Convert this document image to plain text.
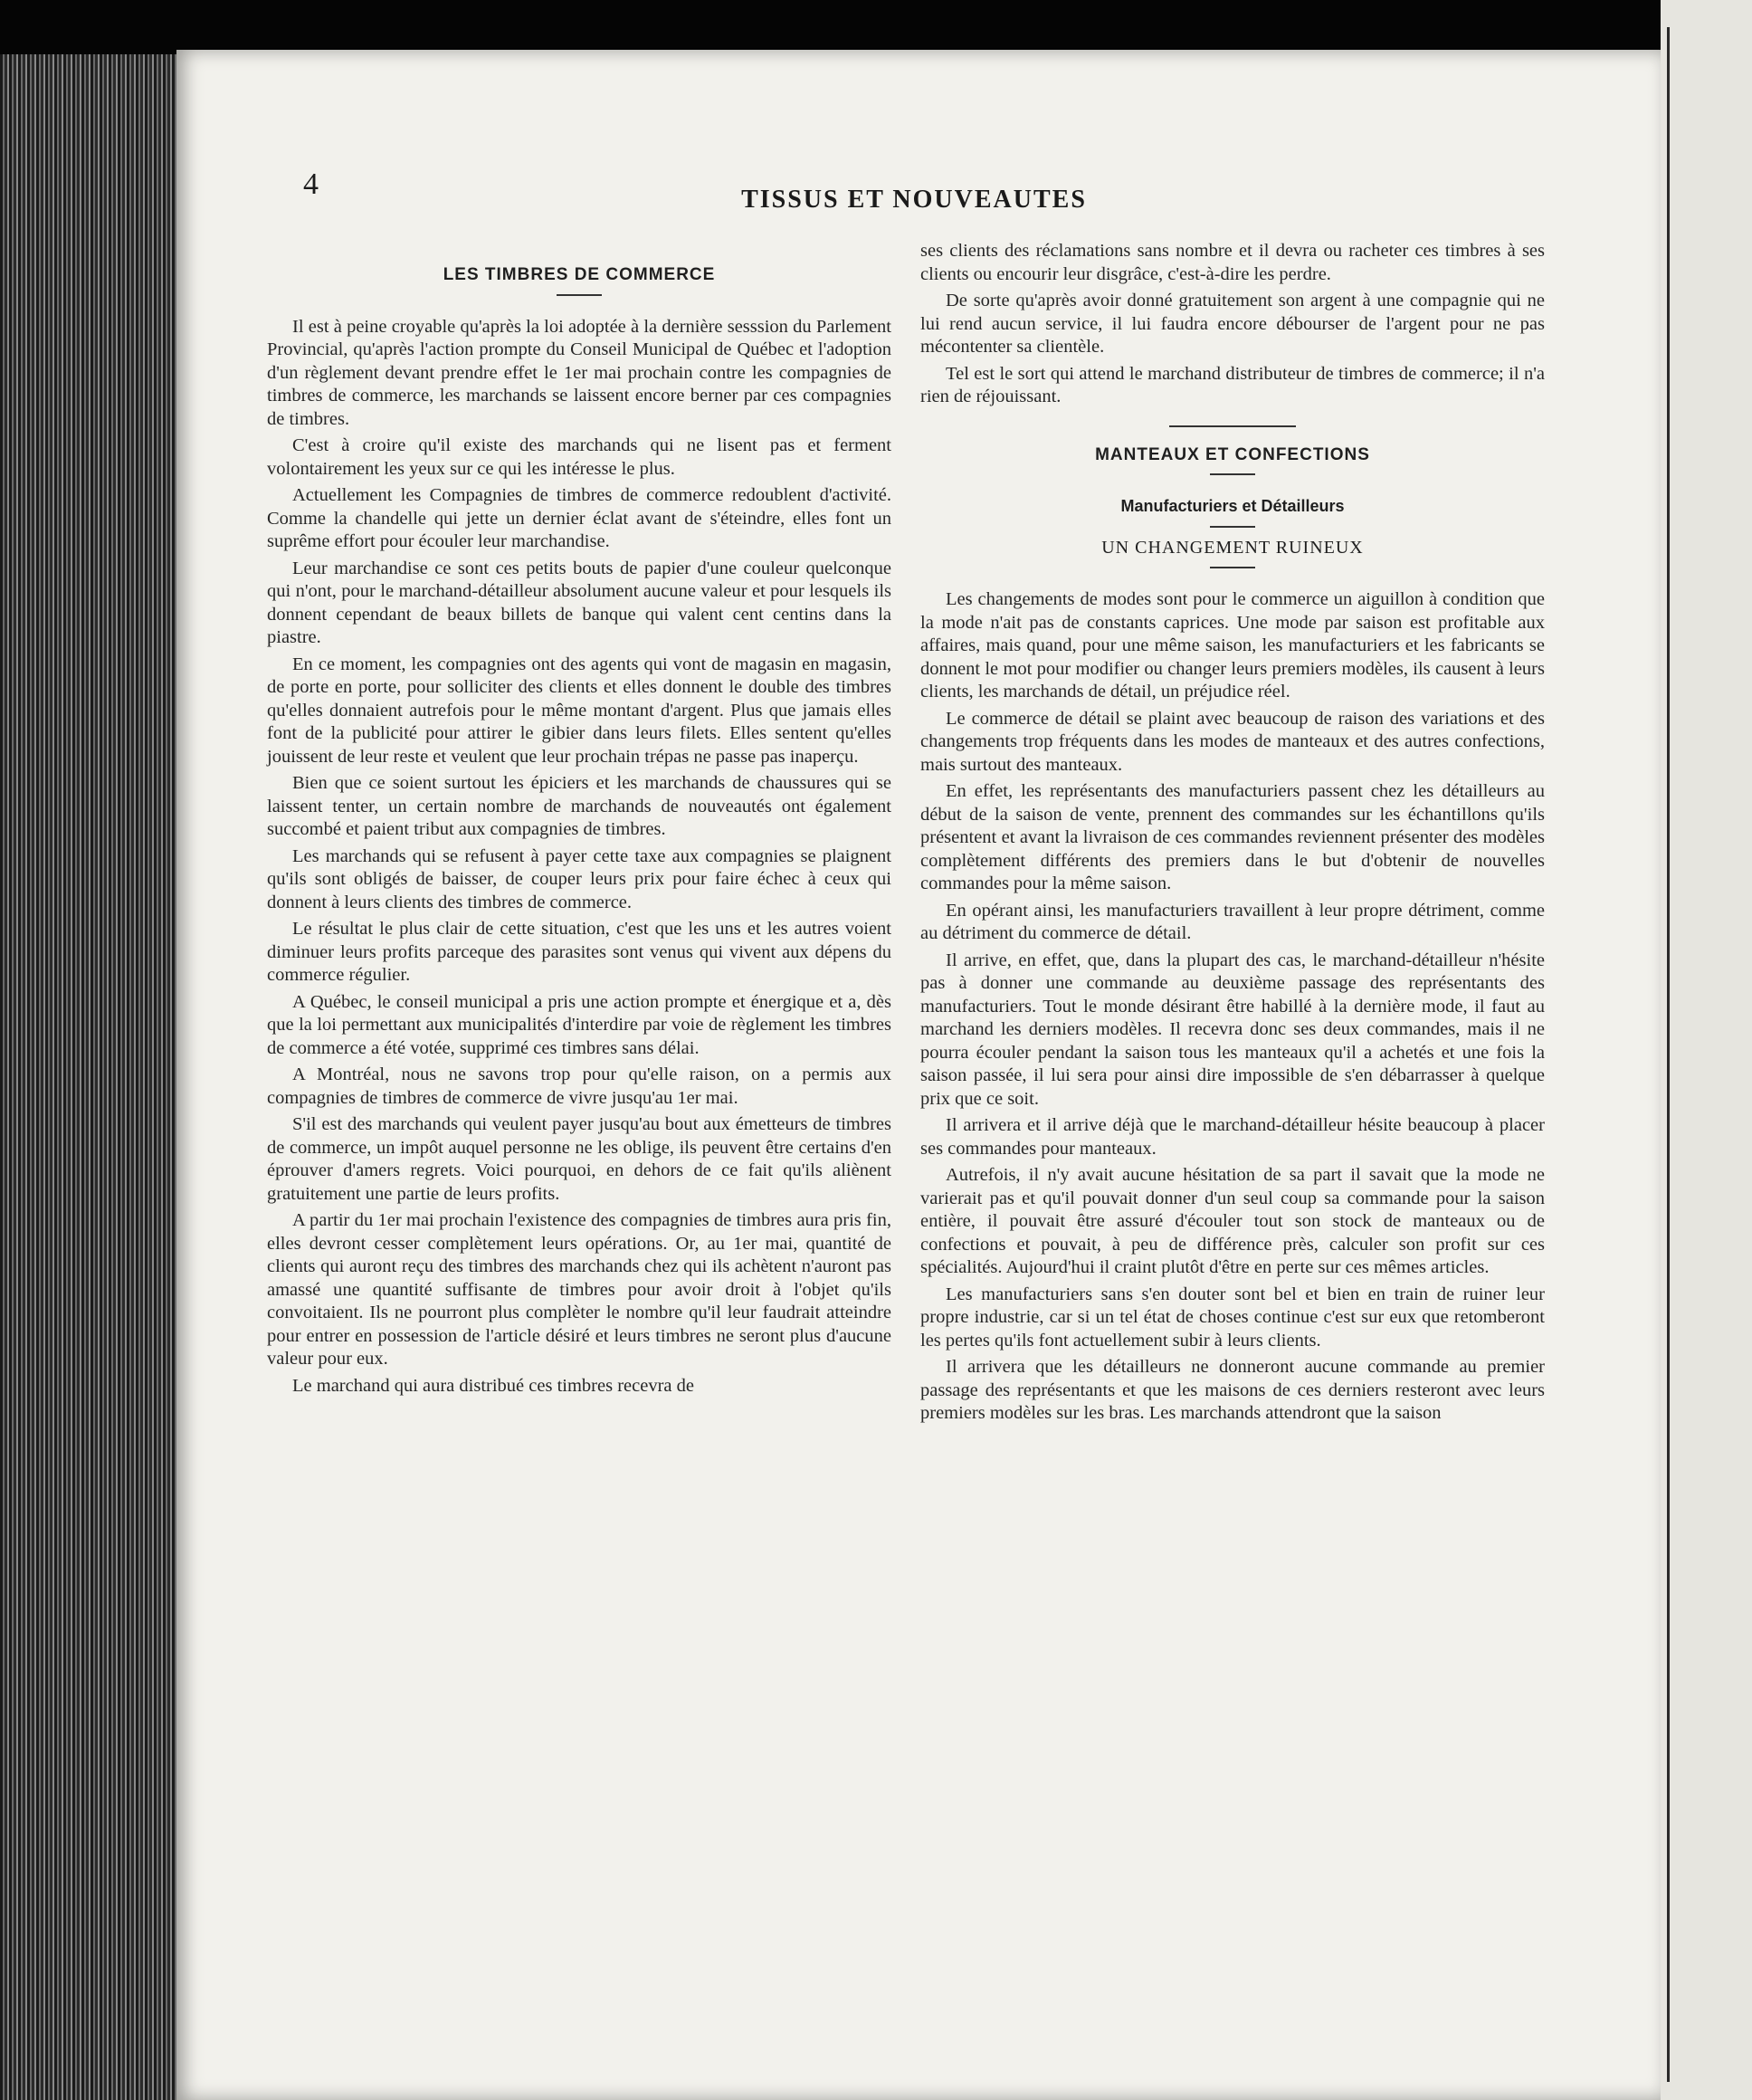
4	TISSUS ET NOUVEAUTES
LES TIMBRES DE COMMERCE

Il est à peine croyable qu'après la loi adoptée à la dernière sesssion du Parlement Provincial, qu'après l'action prompte du Conseil Municipal de Québec et l'adoption d'un règlement devant prendre effet le 1er mai prochain contre les compagnies de timbres de commerce, les marchands se laissent encore berner par ces compagnies de timbres.

C'est à croire qu'il existe des marchands qui ne lisent pas et ferment volontairement les yeux sur ce qui les intéresse le plus.

Actuellement les Compagnies de timbres de commerce redoublent d'activité. Comme la chandelle qui jette un dernier éclat avant de s'éteindre, elles font un suprême effort pour écouler leur marchandise.

Leur marchandise ce sont ces petits bouts de papier d'une couleur quelconque qui n'ont, pour le marchand-détailleur absolument aucune valeur et pour lesquels ils donnent cependant de beaux billets de banque qui valent cent centins dans la piastre.

En ce moment, les compagnies ont des agents qui vont de magasin en magasin, de porte en porte, pour solliciter des clients et elles donnent le double des timbres qu'elles donnaient autrefois pour le même montant d'argent. Plus que jamais elles font de la publicité pour attirer le gibier dans leurs filets. Elles sentent qu'elles jouissent de leur reste et veulent que leur prochain trépas ne passe pas inaperçu.

Bien que ce soient surtout les épiciers et les marchands de chaussures qui se laissent tenter, un certain nombre de marchands de nouveautés ont également succombé et paient tribut aux compagnies de timbres.

Les marchands qui se refusent à payer cette taxe aux compagnies se plaignent qu'ils sont obligés de baisser, de couper leurs prix pour faire échec à ceux qui donnent à leurs clients des timbres de commerce.

Le résultat le plus clair de cette situation, c'est que les uns et les autres voient diminuer leurs profits parceque des parasites sont venus qui vivent aux dépens du commerce régulier.

A Québec, le conseil municipal a pris une action prompte et énergique et a, dès que la loi permettant aux municipalités d'interdire par voie de règlement les timbres de commerce a été votée, supprimé ces timbres sans délai.

A Montréal, nous ne savons trop pour qu'elle raison, on a permis aux compagnies de timbres de commerce de vivre jusqu'au 1er mai.

S'il est des marchands qui veulent payer jusqu'au bout aux émetteurs de timbres de commerce, un impôt auquel personne ne les oblige, ils peuvent être certains d'en éprouver d'amers regrets. Voici pourquoi, en dehors de ce fait qu'ils aliènent gratuitement une partie de leurs profits.

A partir du 1er mai prochain l'existence des compagnies de timbres aura pris fin, elles devront cesser complètement leurs opérations. Or, au 1er mai, quantité de clients qui auront reçu des timbres des marchands chez qui ils achètent n'auront pas amassé une quantité suffisante de timbres pour avoir droit à l'objet qu'ils convoitaient. Ils ne pourront plus complèter le nombre qu'il leur faudrait atteindre pour entrer en possession de l'article désiré et leurs timbres ne seront plus d'aucune valeur pour eux.

Le marchand qui aura distribué ces timbres recevra de

ses clients des réclamations sans nombre et il devra ou racheter ces timbres à ses clients ou encourir leur disgrâce, c'est-à-dire les perdre.

De sorte qu'après avoir donné gratuitement son argent à une compagnie qui ne lui rend aucun service, il lui faudra encore débourser de l'argent pour ne pas mécontenter sa clientèle.

Tel est le sort qui attend le marchand distributeur de timbres de commerce; il n'a rien de réjouissant.

MANTEAUX ET CONFECTIONS
Manufacturiers et Détailleurs
UN CHANGEMENT RUINEUX

Les changements de modes sont pour le commerce un aiguillon à condition que la mode n'ait pas de constants caprices. Une mode par saison est profitable aux affaires, mais quand, pour une même saison, les manufacturiers et les fabricants se donnent le mot pour modifier ou changer leurs premiers modèles, ils causent à leurs clients, les marchands de détail, un préjudice réel.

Le commerce de détail se plaint avec beaucoup de raison des variations et des changements trop fréquents dans les modes de manteaux et des autres confections, mais surtout des manteaux.

En effet, les représentants des manufacturiers passent chez les détailleurs au début de la saison de vente, prennent des commandes sur les échantillons qu'ils présentent et avant la livraison de ces commandes reviennent présenter des modèles complètement différents des premiers dans le but d'obtenir de nouvelles commandes pour la même saison.

En opérant ainsi, les manufacturiers travaillent à leur propre détriment, comme au détriment du commerce de détail.

Il arrive, en effet, que, dans la plupart des cas, le marchand-détailleur n'hésite pas à donner une commande au deuxième passage des représentants des manufacturiers. Tout le monde désirant être habillé à la dernière mode, il faut au marchand les derniers modèles. Il recevra donc ses deux commandes, mais il ne pourra écouler pendant la saison tous les manteaux qu'il a achetés et une fois la saison passée, il lui sera pour ainsi dire impossible de s'en débarrasser à quelque prix que ce soit.

Il arrivera et il arrive déjà que le marchand-détailleur hésite beaucoup à placer ses commandes pour manteaux.

Autrefois, il n'y avait aucune hésitation de sa part il savait que la mode ne varierait pas et qu'il pouvait donner d'un seul coup sa commande pour la saison entière, il pouvait être assuré d'écouler tout son stock de manteaux ou de confections et pouvait, à peu de différence près, calculer son profit sur ces spécialités. Aujourd'hui il craint plutôt d'être en perte sur ces mêmes articles.

Les manufacturiers sans s'en douter sont bel et bien en train de ruiner leur propre industrie, car si un tel état de choses continue c'est sur eux que retomberont les pertes qu'ils font actuellement subir à leurs clients.

Il arrivera que les détailleurs ne donneront aucune commande au premier passage des représentants et que les maisons de ces derniers resteront avec leurs premiers modèles sur les bras. Les marchands attendront que la saison
